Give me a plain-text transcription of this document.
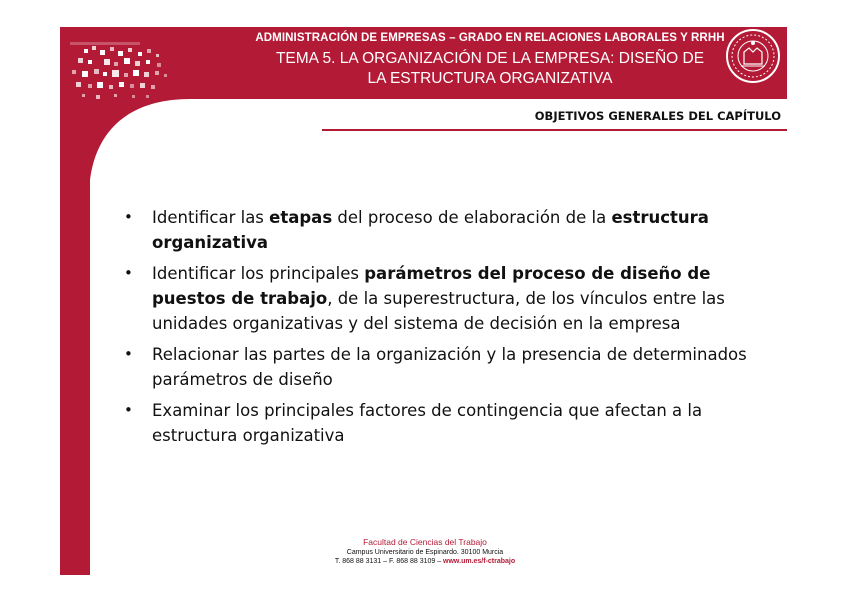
ADMINISTRACIÓN DE EMPRESAS – GRADO EN RELACIONES LABORALES Y RRHH
TEMA 5. LA ORGANIZACIÓN DE LA EMPRESA: DISEÑO DE
LA ESTRUCTURA ORGANIZATIVA
OBJETIVOS GENERALES DEL CAPÍTULO
• Identificar las etapas del proceso de elaboración de la estructura organizativa
• Identificar los principales parámetros del proceso de diseño de puestos de trabajo, de la superestructura, de los vínculos entre las unidades organizativas y del sistema de decisión en la empresa
• Relacionar las partes de la organización y la presencia de determinados parámetros de diseño
• Examinar los principales factores de contingencia que afectan a la estructura organizativa
Facultad de Ciencias del Trabajo
Campus Universitario de Espinardo. 30100 Murcia
T. 868 88 3131 – F. 868 88 3109 – www.um.es/f-ctrabajo
